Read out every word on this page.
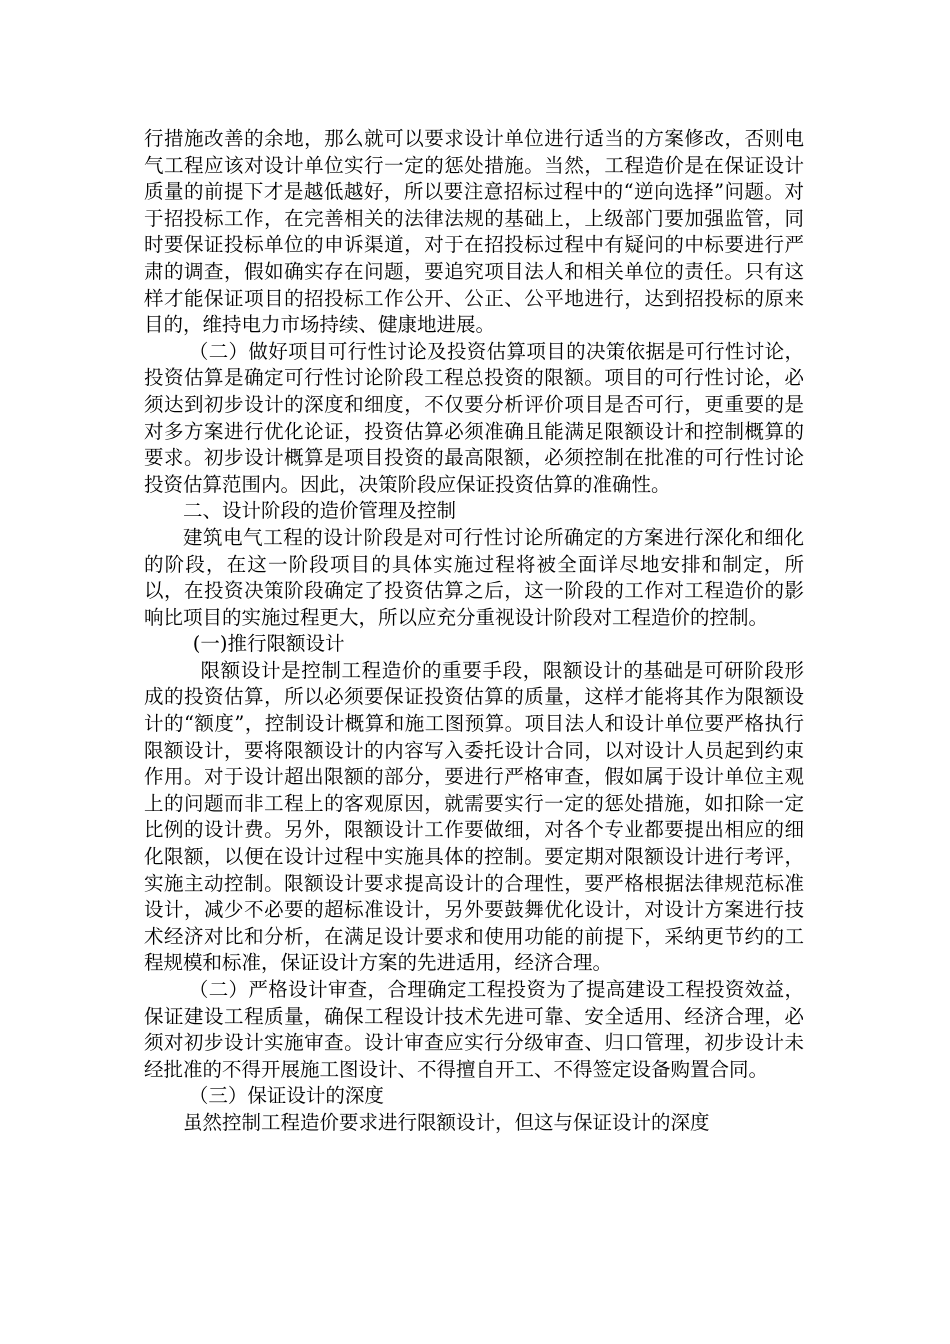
行措施改善的余地，那么就可以要求设计单位进行适当的方案修改，否则电气工程应该对设计单位实行一定的惩处措施。当然，工程造价是在保证设计质量的前提下才是越低越好，所以要注意招标过程中的“逆向选择”问题。对于招投标工作，在完善相关的法律法规的基础上，上级部门要加强监管，同时要保证投标单位的申诉渠道，对于在招投标过程中有疑问的中标要进行严肃的调查，假如确实存在问题，要追究项目法人和相关单位的责任。只有这样才能保证项目的招投标工作公开、公正、公平地进行，达到招投标的原来目的，维持电力市场持续、健康地进展。

（二）做好项目可行性讨论及投资估算项目的决策依据是可行性讨论，投资估算是确定可行性讨论阶段工程总投资的限额。项目的可行性讨论，必须达到初步设计的深度和细度，不仅要分析评价项目是否可行，更重要的是对多方案进行优化论证，投资估算必须准确且能满足限额设计和控制概算的要求。初步设计概算是项目投资的最高限额，必须控制在批准的可行性讨论投资估算范围内。因此，决策阶段应保证投资估算的准确性。

二、设计阶段的造价管理及控制

建筑电气工程的设计阶段是对可行性讨论所确定的方案进行深化和细化的阶段，在这一阶段项目的具体实施过程将被全面详尽地安排和制定，所以，在投资决策阶段确定了投资估算之后，这一阶段的工作对工程造价的影响比项目的实施过程更大，所以应充分重视设计阶段对工程造价的控制。

(一)推行限额设计

限额设计是控制工程造价的重要手段，限额设计的基础是可研阶段形成的投资估算，所以必须要保证投资估算的质量，这样才能将其作为限额设计的“额度”，控制设计概算和施工图预算。项目法人和设计单位要严格执行限额设计，要将限额设计的内容写入委托设计合同，以对设计人员起到约束作用。对于设计超出限额的部分，要进行严格审查，假如属于设计单位主观上的问题而非工程上的客观原因，就需要实行一定的惩处措施，如扣除一定比例的设计费。另外，限额设计工作要做细，对各个专业都要提出相应的细化限额，以便在设计过程中实施具体的控制。要定期对限额设计进行考评，实施主动控制。限额设计要求提高设计的合理性，要严格根据法律规范标准设计，减少不必要的超标准设计，另外要鼓舞优化设计，对设计方案进行技术经济对比和分析，在满足设计要求和使用功能的前提下，采纳更节约的工程规模和标准，保证设计方案的先进适用，经济合理。

（二）严格设计审查，合理确定工程投资为了提高建设工程投资效益，保证建设工程质量，确保工程设计技术先进可靠、安全适用、经济合理，必须对初步设计实施审查。设计审查应实行分级审查、归口管理，初步设计未经批准的不得开展施工图设计、不得擅自开工、不得签定设备购置合同。

（三）保证设计的深度

虽然控制工程造价要求进行限额设计，但这与保证设计的深度
